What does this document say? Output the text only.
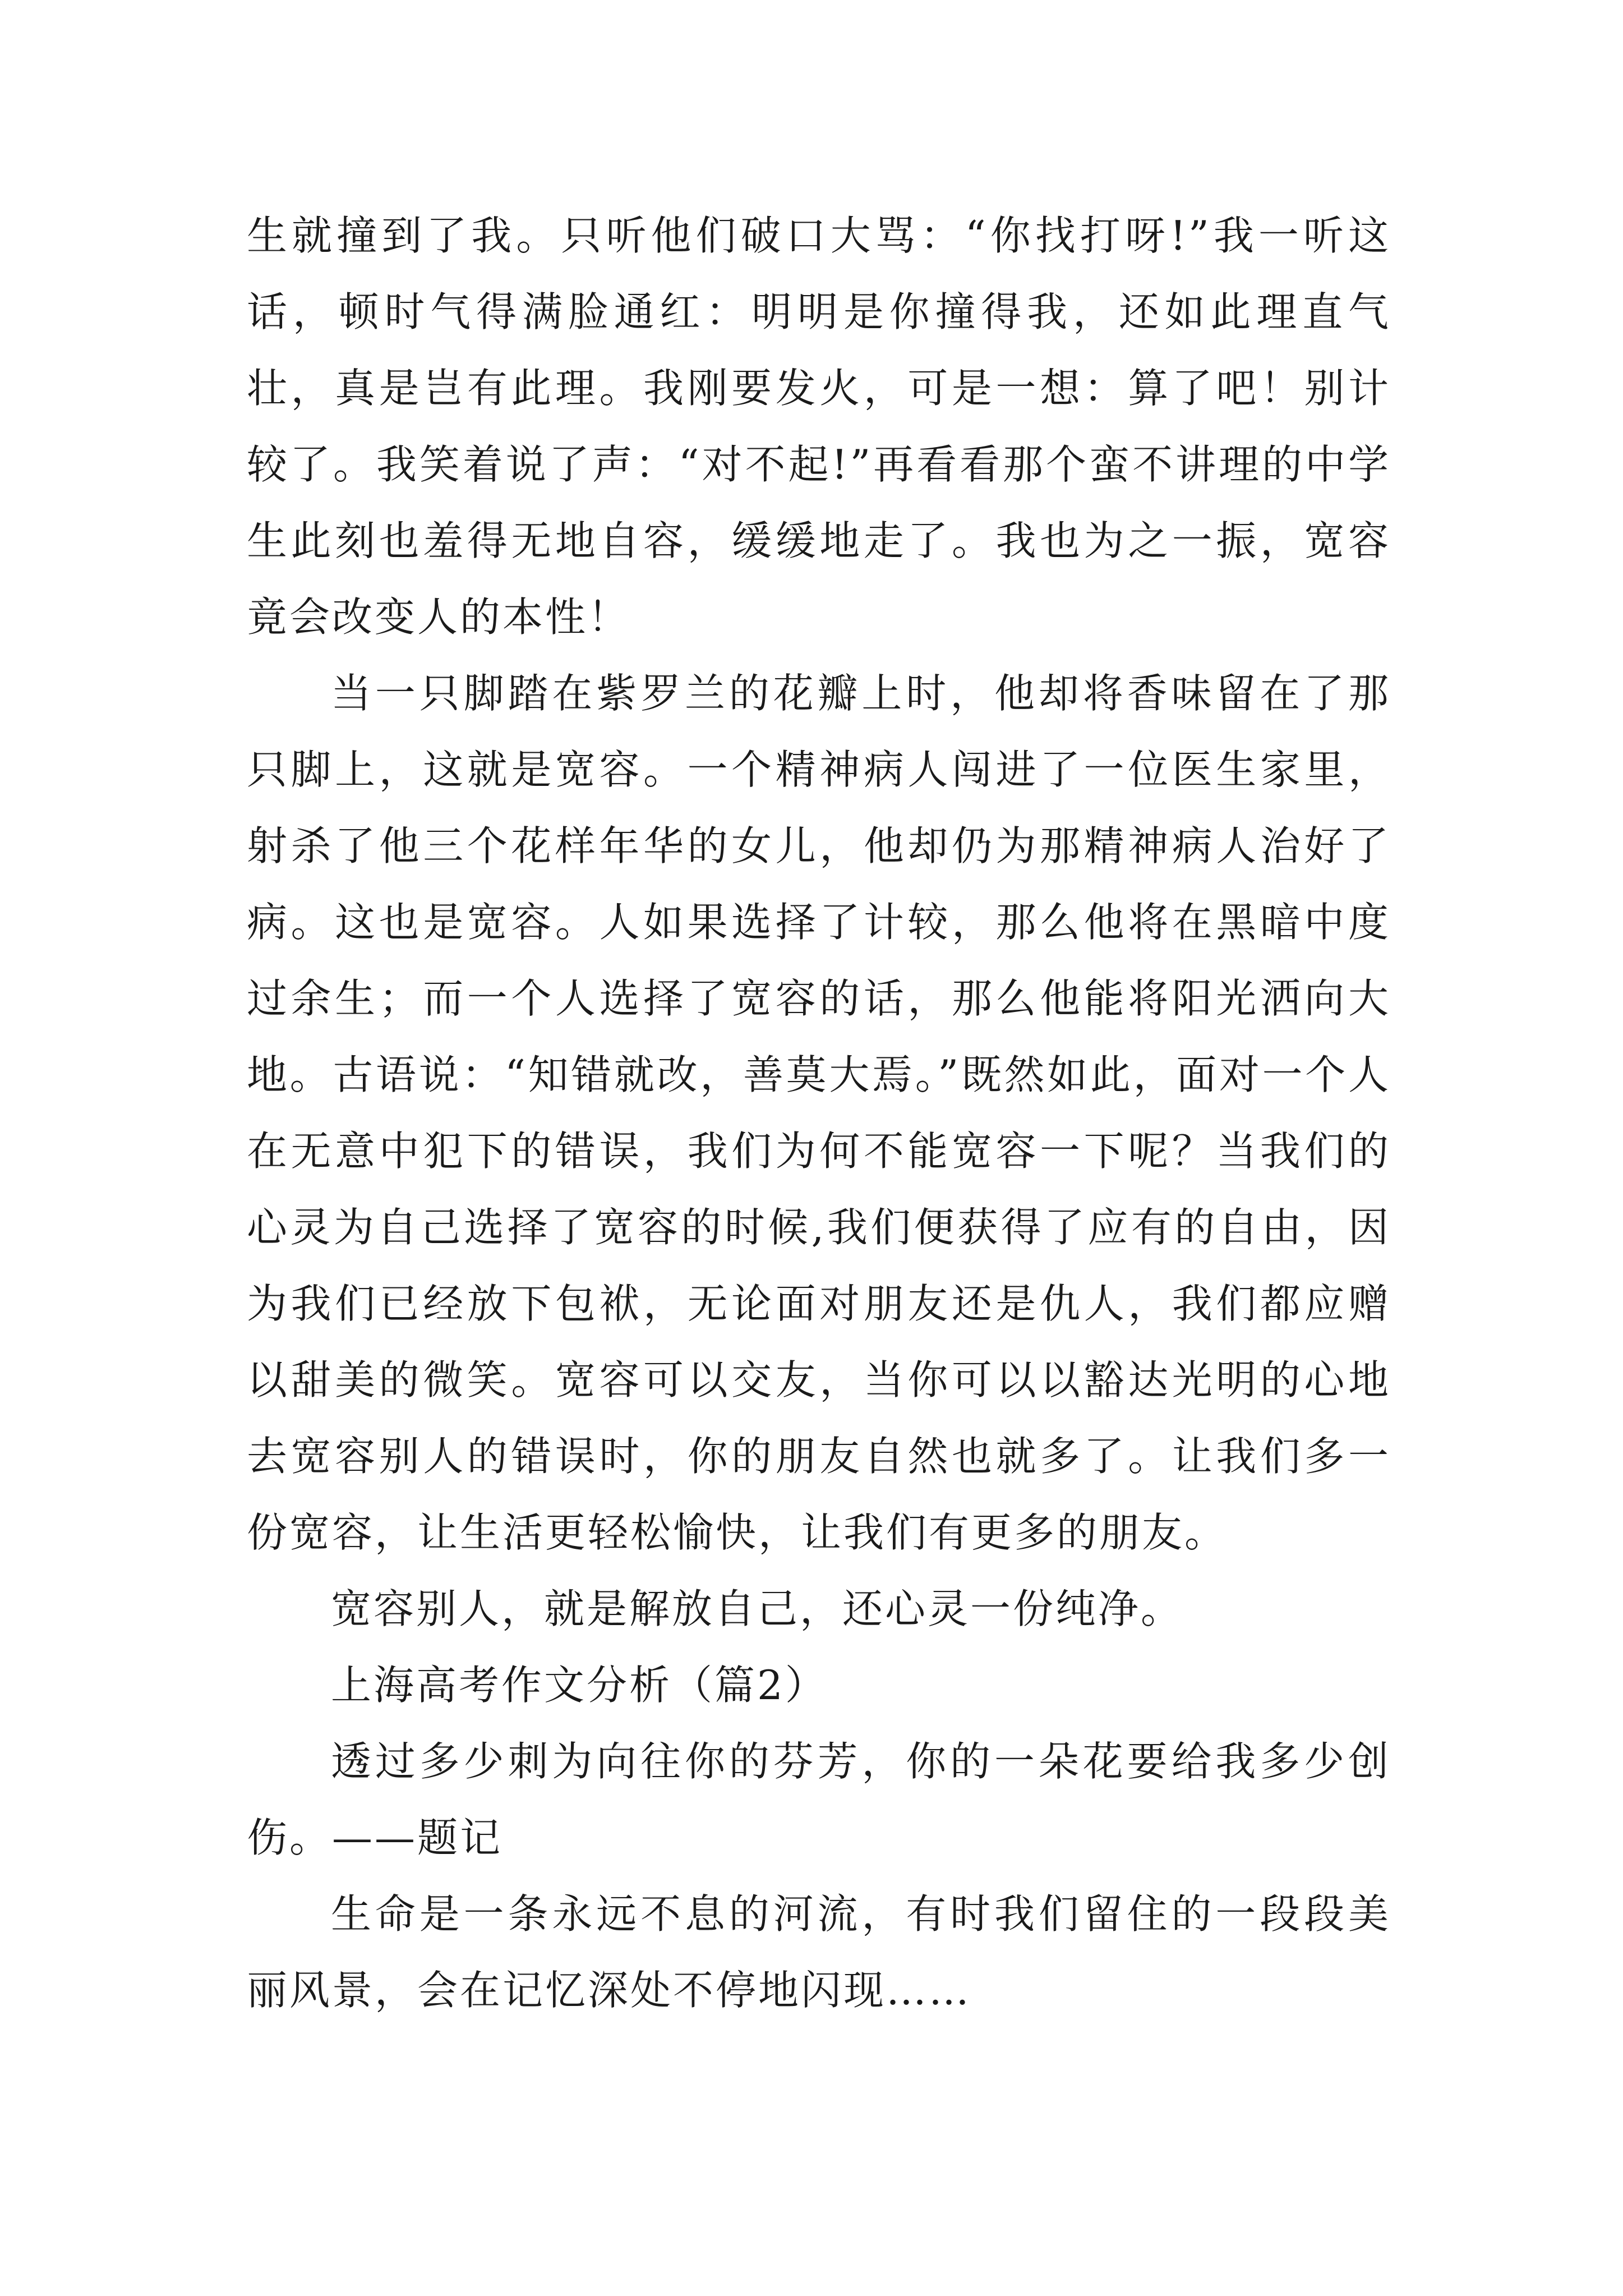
生就撞到了我。只听他们破口大骂：“你找打呀!”我一听这话，顿时气得满脸通红：明明是你撞得我，还如此理直气壮，真是岂有此理。我刚要发火，可是一想：算了吧！别计较了。我笑着说了声：“对不起!”再看看那个蛮不讲理的中学生此刻也羞得无地自容，缓缓地走了。我也为之一振，宽容竟会改变人的本性！

当一只脚踏在紫罗兰的花瓣上时，他却将香味留在了那只脚上，这就是宽容。一个精神病人闯进了一位医生家里，射杀了他三个花样年华的女儿，他却仍为那精神病人治好了病。这也是宽容。人如果选择了计较，那么他将在黑暗中度过余生；而一个人选择了宽容的话，那么他能将阳光洒向大地。古语说：“知错就改，善莫大焉。”既然如此，面对一个人在无意中犯下的错误，我们为何不能宽容一下呢？当我们的心灵为自己选择了宽容的时候,我们便获得了应有的自由，因为我们已经放下包袱，无论面对朋友还是仇人，我们都应赠以甜美的微笑。宽容可以交友，当你可以以豁达光明的心地去宽容别人的错误时，你的朋友自然也就多了。让我们多一份宽容，让生活更轻松愉快，让我们有更多的朋友。

宽容别人，就是解放自己，还心灵一份纯净。

上海高考作文分析（篇2）

透过多少刺为向往你的芬芳，你的一朵花要给我多少创伤。——题记

生命是一条永远不息的河流，有时我们留住的一段段美丽风景，会在记忆深处不停地闪现……
